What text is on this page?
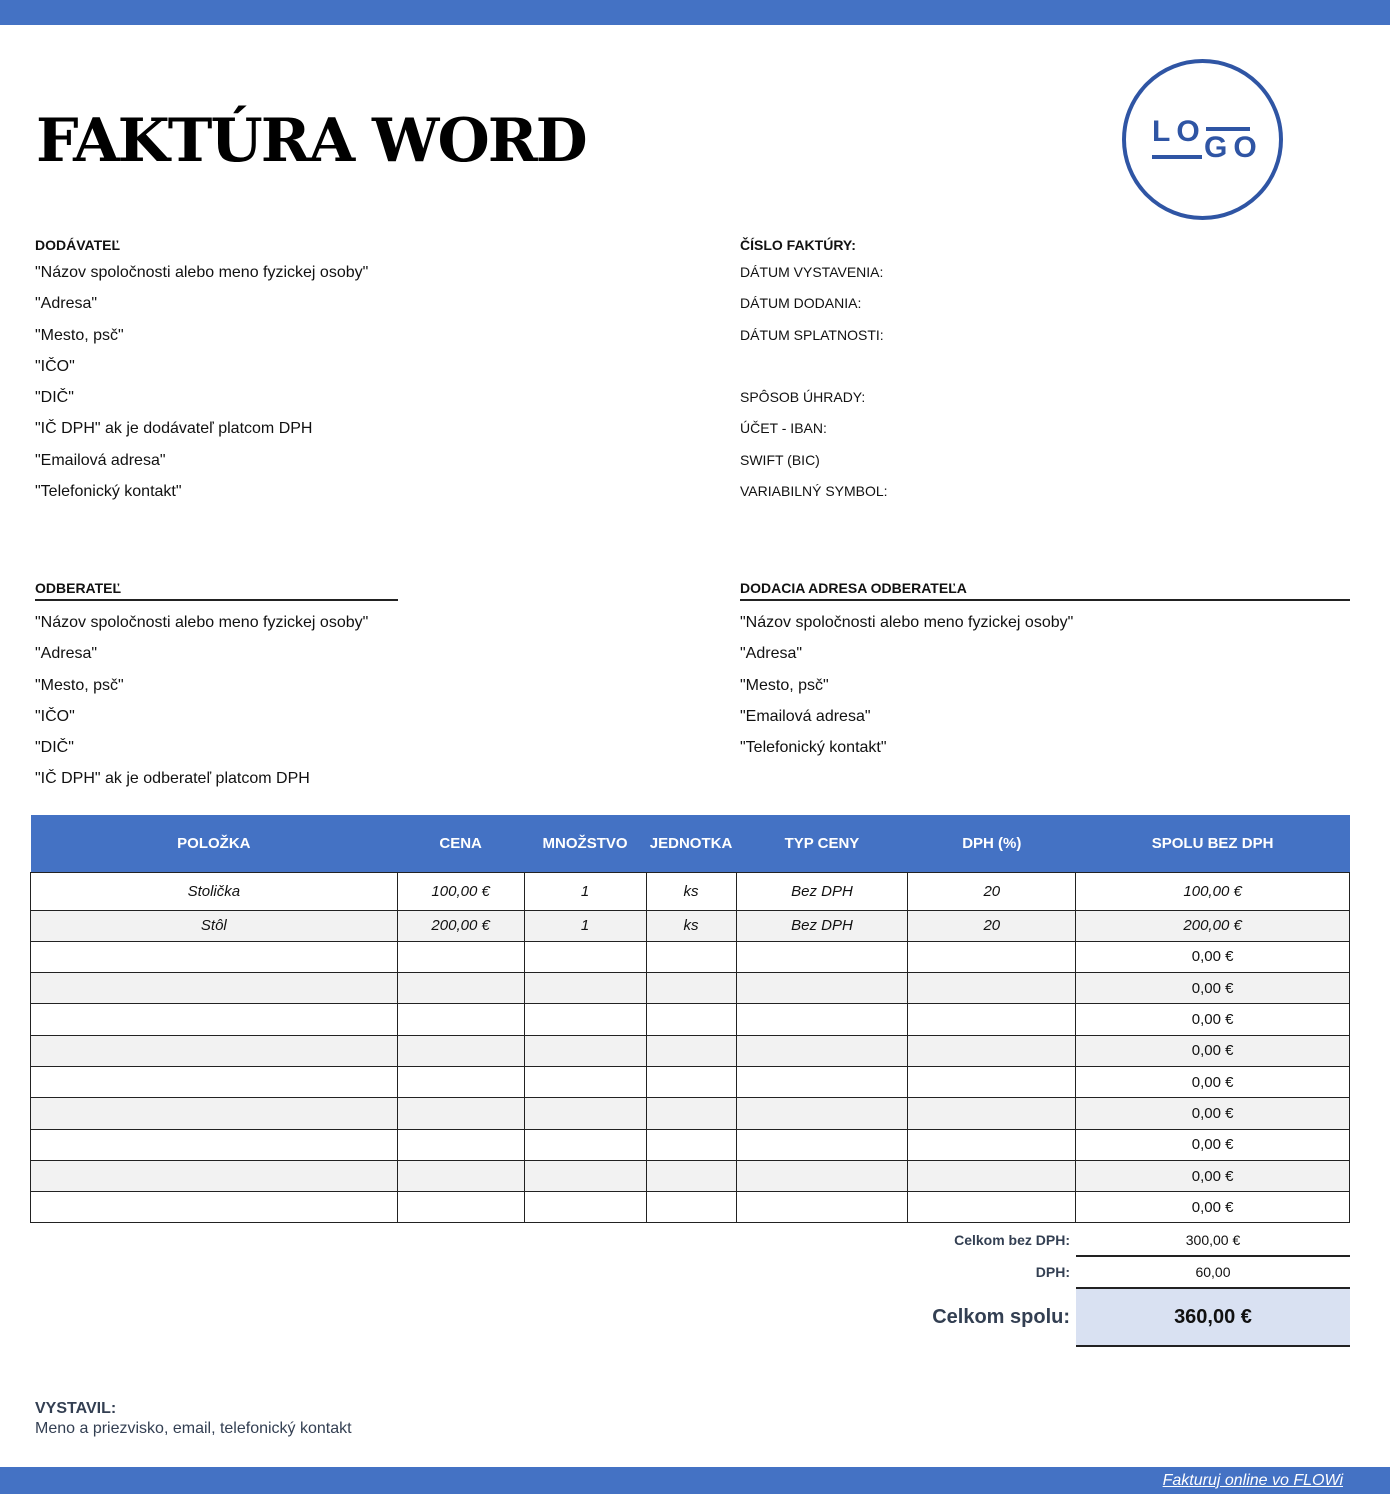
FAKTÚRA WORD	LO
GO
DODÁVATEĽ
"Názov spoločnosti alebo meno fyzickej osoby"
"Adresa"
"Mesto, psč"
"IČO"
"DIČ"
"IČ DPH" ak je dodávateľ platcom DPH
"Emailová adresa"
"Telefonický kontakt"
ČÍSLO FAKTÚRY:
DÁTUM VYSTAVENIA:
DÁTUM DODANIA:
DÁTUM SPLATNOSTI:
SPÔSOB ÚHRADY:
ÚČET - IBAN:
SWIFT (BIC)
VARIABILNÝ SYMBOL:
ODBERATEĽ
"Názov spoločnosti alebo meno fyzickej osoby"
"Adresa"
"Mesto, psč"
"IČO"
"DIČ"
"IČ DPH" ak je odberateľ platcom DPH
DODACIA ADRESA ODBERATEĽA
"Názov spoločnosti alebo meno fyzickej osoby"
"Adresa"
"Mesto, psč"
"Emailová adresa"
"Telefonický kontakt"
POLOŽKA	CENA	MNOŽSTVO	JEDNOTKA	TYP CENY	DPH (%)	SPOLU BEZ DPH
Stolička	100,00 €	1	ks	Bez DPH	20	100,00 €
Stôl	200,00 €	1	ks	Bez DPH	20	200,00 €
						0,00 €
						0,00 €
						0,00 €
						0,00 €
						0,00 €
						0,00 €
						0,00 €
						0,00 €
						0,00 €
Celkom bez DPH:	300,00 €
DPH:	60,00
Celkom spolu:	360,00 €
VYSTAVIL:
Meno a priezvisko, email, telefonický kontakt
Fakturuj online vo FLOWi
